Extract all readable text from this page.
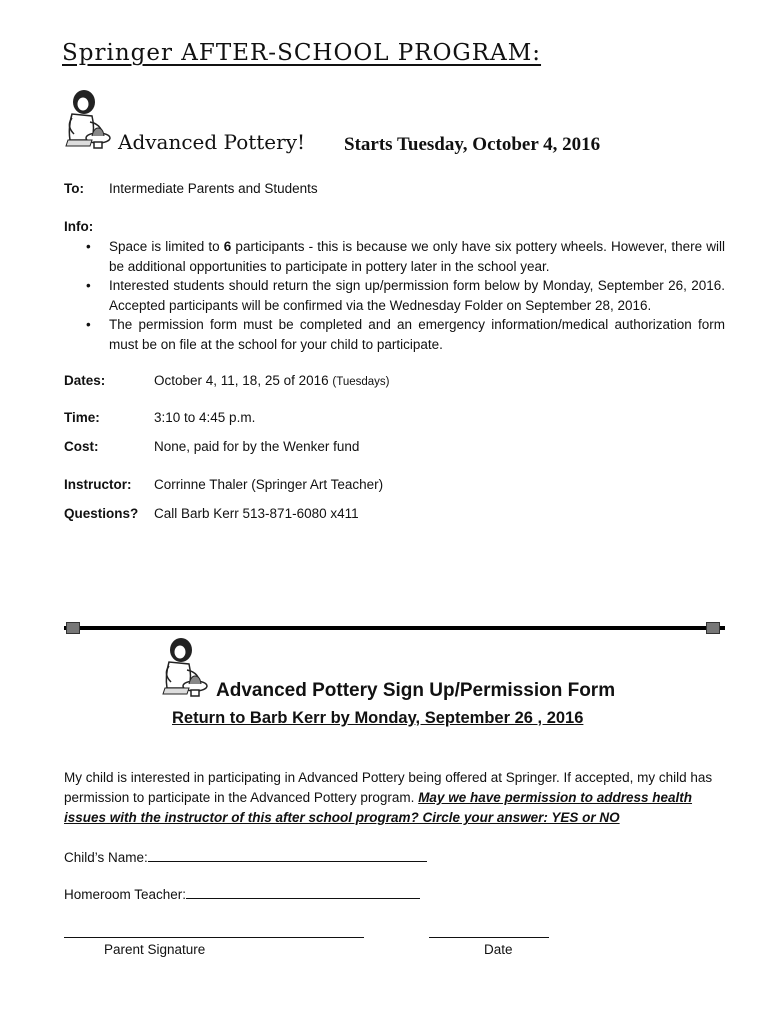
Springer AFTER-SCHOOL PROGRAM:
Advanced Pottery! Starts Tuesday, October 4, 2016
To: Intermediate Parents and Students
Info:
• Space is limited to 6 participants - this is because we only have six pottery wheels. However, there will be additional opportunities to participate in pottery later in the school year.
• Interested students should return the sign up/permission form below by Monday, September 26, 2016. Accepted participants will be confirmed via the Wednesday Folder on September 28, 2016.
• The permission form must be completed and an emergency information/medical authorization form must be on file at the school for your child to participate.
Dates:	October 4, 11, 18, 25 of 2016 (Tuesdays)
Time:	3:10 to 4:45 p.m.
Cost:	None, paid for by the Wenker fund
Instructor: Corrinne Thaler (Springer Art Teacher)
Questions? Call Barb Kerr 513-871-6080 x411
Advanced Pottery Sign Up/Permission Form
Return to Barb Kerr by Monday, September 26 , 2016
My child is interested in participating in Advanced Pottery being offered at Springer. If accepted, my child has permission to participate in the Advanced Pottery program. May we have permission to address health issues with the instructor of this after school program? Circle your answer: YES or NO
Child’s Name:
Homeroom Teacher:
Parent Signature	Date
